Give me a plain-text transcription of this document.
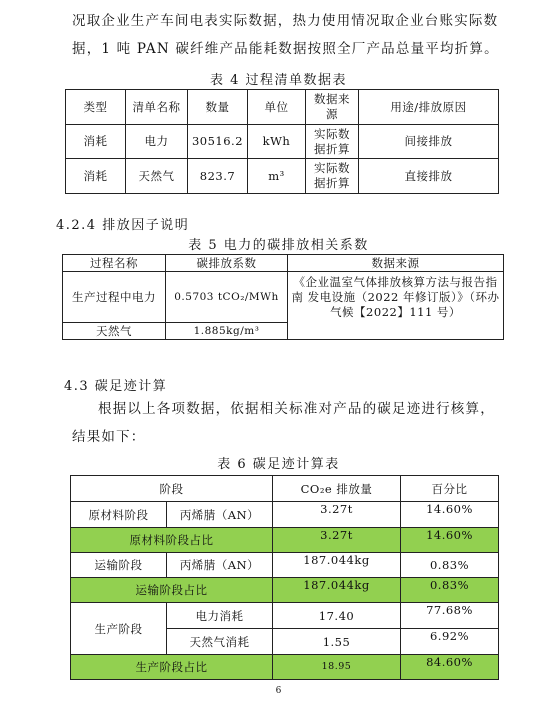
况取企业生产车间电表实际数据，热力使用情况取企业台账实际数
据，1 吨 PAN 碳纤维产品能耗数据按照全厂产品总量平均折算。
表 4 过程清单数据表
类型	清单名称	数量	单位	数据来源	用途/排放原因
消耗	电力	30516.2	kWh	实际数据折算	间接排放
消耗	天然气	823.7	m³	实际数据折算	直接排放
4.2.4 排放因子说明
表 5 电力的碳排放相关系数
过程名称	碳排放系数	数据来源
生产过程中电力	0.5703 tCO₂/MWh	《企业温室气体排放核算方法与报告指南 发电设施（2022 年修订版）》（环办气候【2022】111 号）
天然气	1.885kg/m³	
4.3 碳足迹计算
根据以上各项数据，依据相关标准对产品的碳足迹进行核算，
结果如下：
表 6 碳足迹计算表
阶段		CO₂e 排放量	百分比
原材料阶段	丙烯腈（AN）	3.27t	14.60%
原材料阶段占比		3.27t	14.60%
运输阶段	丙烯腈（AN）	187.044kg	0.83%
运输阶段占比		187.044kg	0.83%
生产阶段	电力消耗	17.40	77.68%
	天然气消耗	1.55	6.92%
生产阶段占比		18.95	84.60%
6
